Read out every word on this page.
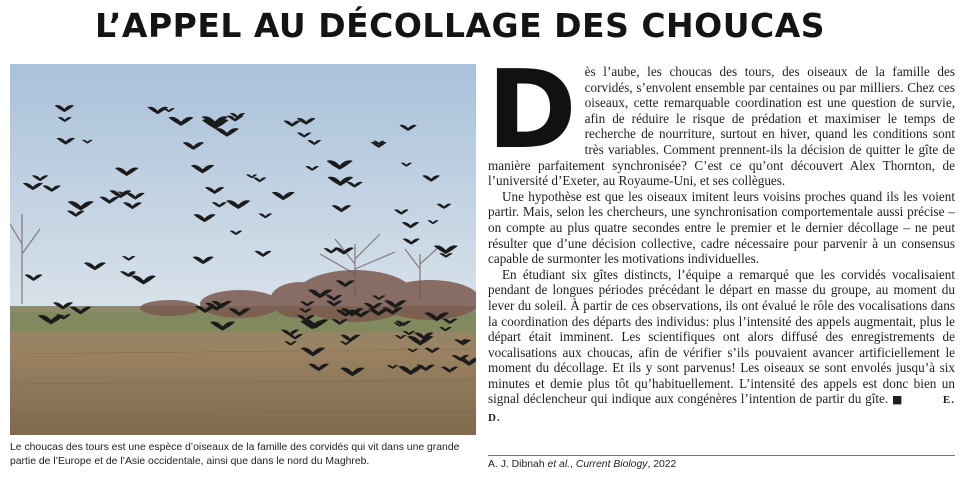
L’APPEL AU DÉCOLLAGE DES CHOUCAS
Le choucas des tours est une espèce d’oiseaux de la famille des corvidés qui vit dans une grande partie de l’Europe et de l’Asie occidentale, ainsi que dans le nord du Maghreb.

Dès l’aube, les choucas des tours, des oiseaux de la famille des corvidés, s’envolent ensemble par centaines ou par milliers. Chez ces oiseaux, cette remarquable coordination est une question de survie, afin de réduire le risque de prédation et maximiser le temps de recherche de nourriture, surtout en hiver, quand les conditions sont très variables. Comment prennent-ils la décision de quitter le gîte de manière parfaitement synchronisée? C’est ce qu’ont découvert Alex Thornton, de l’université d’Exeter, au Royaume-Uni, et ses collègues.

Une hypothèse est que les oiseaux imitent leurs voisins proches quand ils les voient partir. Mais, selon les chercheurs, une synchronisation comportementale aussi précise – on compte au plus quatre secondes entre le premier et le dernier décollage – ne peut résulter que d’une décision collective, cadre nécessaire pour parvenir à un consensus capable de surmonter les motivations individuelles.

En étudiant six gîtes distincts, l’équipe a remarqué que les corvidés vocalisaient pendant de longues périodes précédant le départ en masse du groupe, au moment du lever du soleil. À partir de ces observations, ils ont évalué le rôle des vocalisations dans la coordination des départs des individus: plus l’intensité des appels augmentait, plus le départ était imminent. Les scientifiques ont alors diffusé des enregistrements de vocalisations aux choucas, afin de vérifier s’ils pouvaient avancer artificiellement le moment du décollage. Et ils y sont parvenus! Les oiseaux se sont envolés jusqu’à six minutes et demie plus tôt qu’habituellement. L’intensité des appels est donc bien un signal déclencheur qui indique aux congénères l’intention de partir du gîte. ■	E. D.

A. J. Dibnah et al., Current Biology, 2022
